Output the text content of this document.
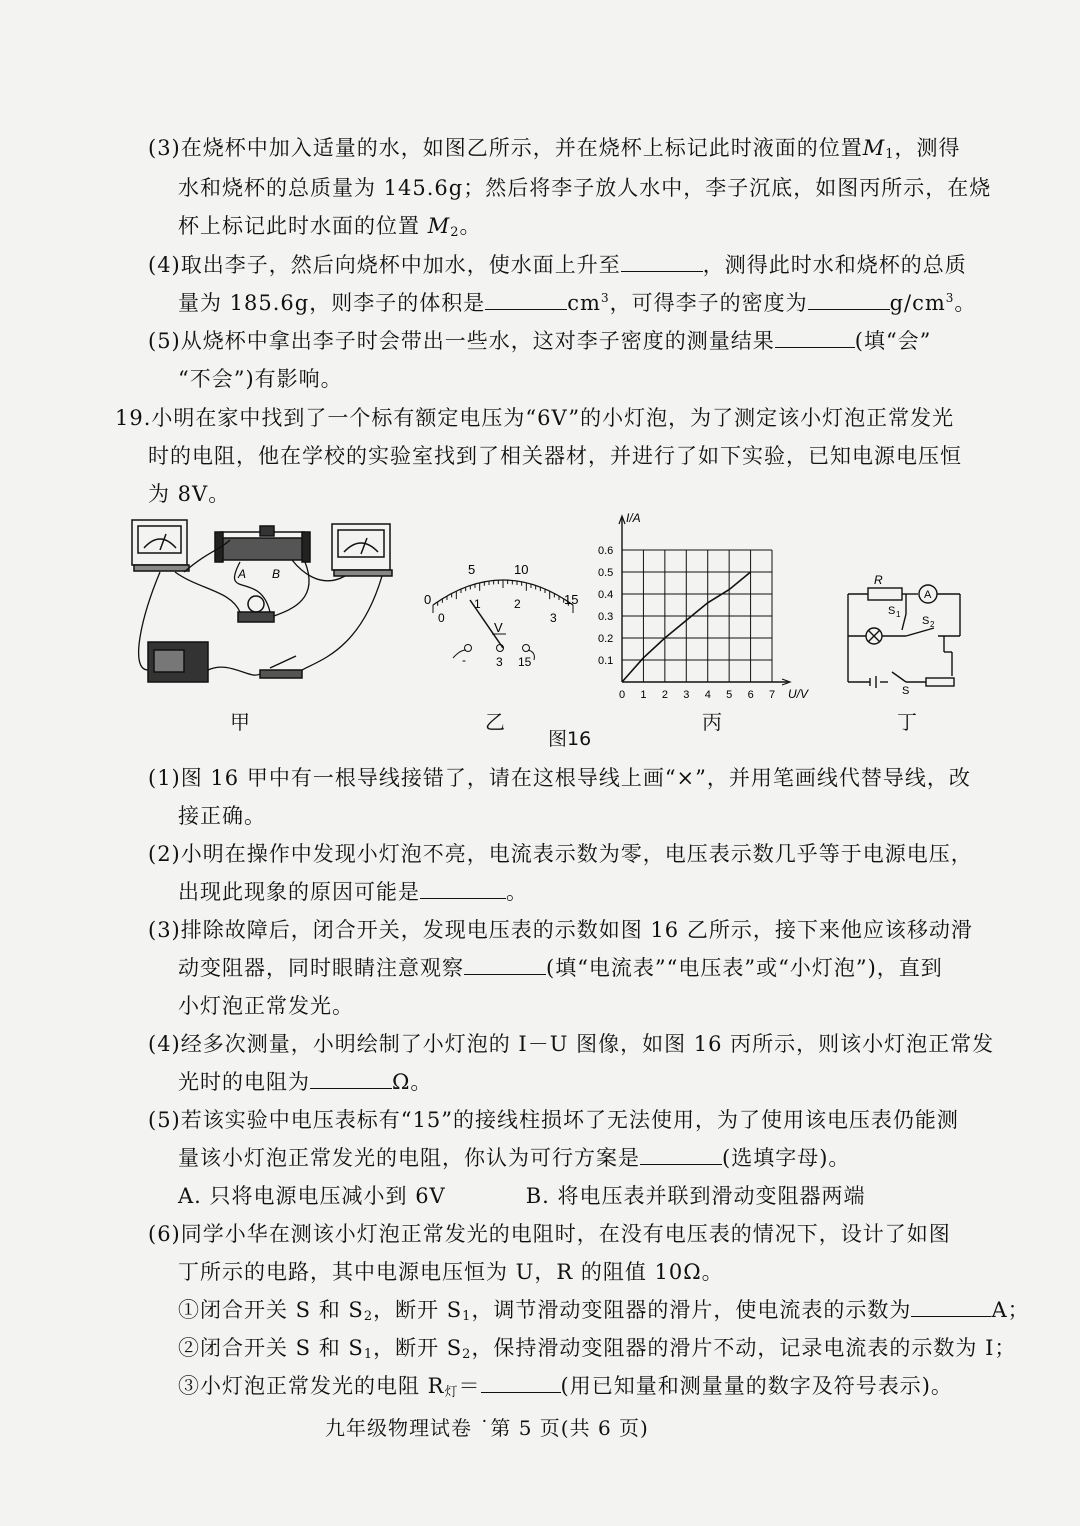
(3)在烧杯中加入适量的水，如图乙所示，并在烧杯上标记此时液面的位置$M_1$，测得
水和烧杯的总质量为 145.6g；然后将李子放人水中，李子沉底，如图丙所示，在烧
杯上标记此时水面的位置 $M_2$。
(4)取出李子，然后向烧杯中加水，使水面上升至	，测得此时水和烧杯的总质
量为 185.6g，则李子的体积是	$cm^3$，可得李子的密度为	$g/cm^3$。
(5)从烧杯中拿出李子时会带出一些水，这对李子密度的测量结果	(填“会”
“不会”)有影响。
19.小明在家中找到了一个标有额定电压为“6V”的小灯泡，为了测定该小灯泡正常发光
时的电阻，他在学校的实验室找到了相关器材，并进行了如下实验，已知电源电压恒
为 8V。
A B
甲
0
5	10
15
0
1	2
3
V
-	3 15
乙
0 1 2 3 4 5 6 7
0.1
0.2
0.3
0.4
0.5
0.6
I/A
U/V
丙
R
A
S 1
S 2
S
丁
图16
(1)图 16 甲中有一根导线接错了，请在这根导线上画“×”，并用笔画线代替导线，改
接正确。
(2)小明在操作中发现小灯泡不亮，电流表示数为零，电压表示数几乎等于电源电压，
出现此现象的原因可能是	。
(3)排除故障后，闭合开关，发现电压表的示数如图 16 乙所示，接下来他应该移动滑
动变阻器，同时眼睛注意观察	(填“电流表”“电压表”或“小灯泡”)，直到
小灯泡正常发光。
(4)经多次测量，小明绘制了小灯泡的 I－U 图像，如图 16 丙所示，则该小灯泡正常发
光时的电阻为	Ω。
(5)若该实验中电压表标有“15”的接线柱损坏了无法使用，为了使用该电压表仍能测
量该小灯泡正常发光的电阻，你认为可行方案是	(选填字母)。
A. 只将电源电压减小到 6V	B. 将电压表并联到滑动变阻器两端
(6)同学小华在测该小灯泡正常发光的电阻时，在没有电压表的情况下，设计了如图
丁所示的电路，其中电源电压恒为 U，R 的阻值 10Ω。
①闭合开关 S 和 $S_2$，断开 $S_1$，调节滑动变阻器的滑片，使电流表的示数为	A；
②闭合开关 S 和 $S_1$，断开 $S_2$，保持滑动变阻器的滑片不动，记录电流表的示数为 I；
③小灯泡正常发光的电阻 $R_灯=$	(用已知量和测量量的数字及符号表示)。
九年级物理试卷 ˙第 5 页(共 6 页)
